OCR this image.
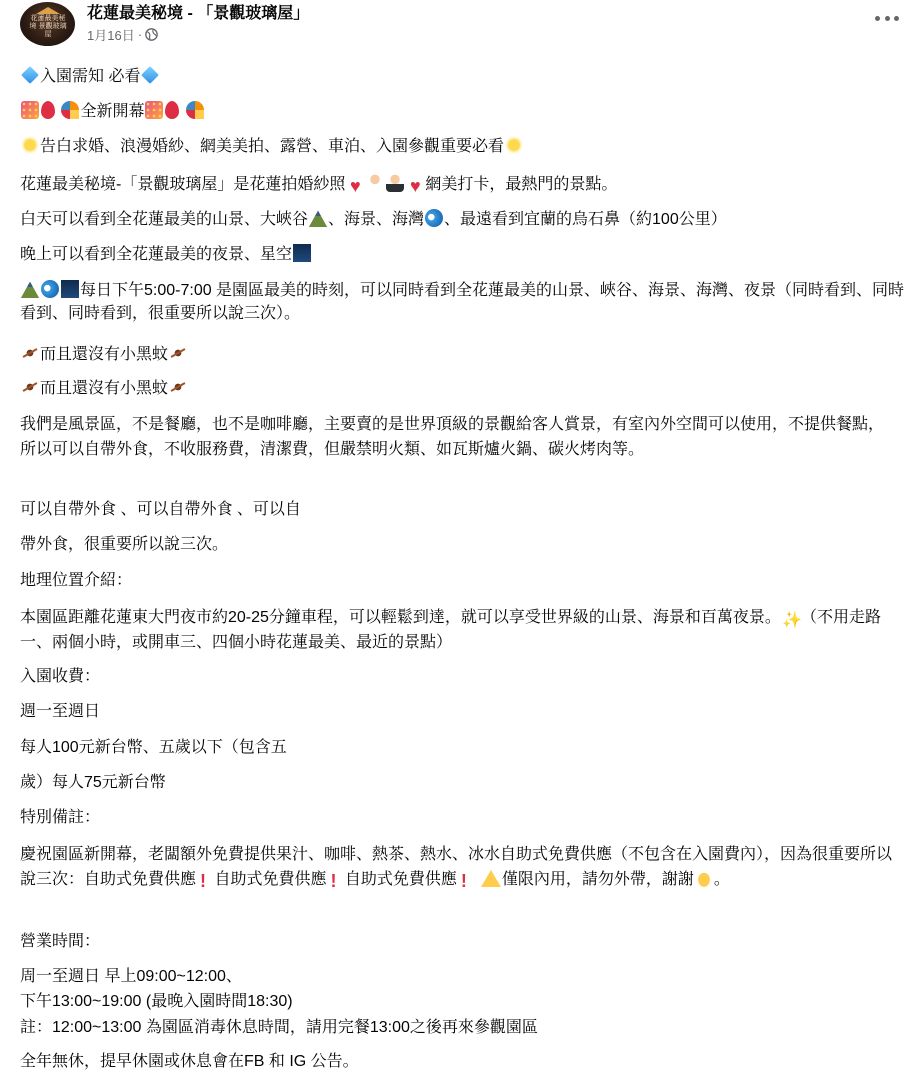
花蓮最美秘境 景觀玻璃屋
花蓮最美秘境 - 「景觀玻璃屋」
1月16日 ·

入園需知 必看

全新開幕

告白求婚、浪漫婚紗、網美美拍、露營、車泊、入園參觀重要必看

花蓮最美秘境-「景觀玻璃屋」是花蓮拍婚紗照 ♥	♥ 網美打卡，最熱門的景點。

白天可以看到全花蓮最美的山景、大峽谷 、海景、海灣 、最遠看到宜蘭的烏石鼻（約100公里）

晚上可以看到全花蓮最美的夜景、星空

每日下午5:00-7:00 是園區最美的時刻，可以同時看到全花蓮最美的山景、峽谷、海景、海灣、夜景（同時看到、同時看到、同時看到，很重要所以說三次）。

而且還沒有小黑蚊

而且還沒有小黑蚊

我們是風景區，不是餐廳，也不是咖啡廳，主要賣的是世界頂級的景觀給客人賞景，有室內外空間可以使用，不提供餐點，所以可以自帶外食，不收服務費，清潔費，但嚴禁明火類、如瓦斯爐火鍋、碳火烤肉等。

可以自帶外食 、可以自帶外食 、可以自

帶外食，很重要所以說三次。

地理位置介紹：

本園區距離花蓮東大門夜市約20-25分鐘車程，可以輕鬆到達，就可以享受世界級的山景、海景和百萬夜景。✨（不用走路一、兩個小時，或開車三、四個小時花蓮最美、最近的景點）

入園收費：

週一至週日

每人100元新台幣、五歲以下（包含五

歲）每人75元新台幣

特別備註：

慶祝園區新開幕，老闆額外免費提供果汁、咖啡、熱茶、熱水、冰水自助式免費供應（不包含在入園費內），因為很重要所以說三次：自助式免費供應 ! 自助式免費供應 ! 自助式免費供應 ! 僅限內用，請勿外帶，謝謝 。

營業時間：

周一至週日 早上09:00~12:00、

下午13:00~19:00 (最晚入園時間18:30)

註：12:00~13:00 為園區消毒休息時間，請用完餐13:00之後再來參觀園區

全年無休，提早休園或休息會在FB 和 IG 公告。
